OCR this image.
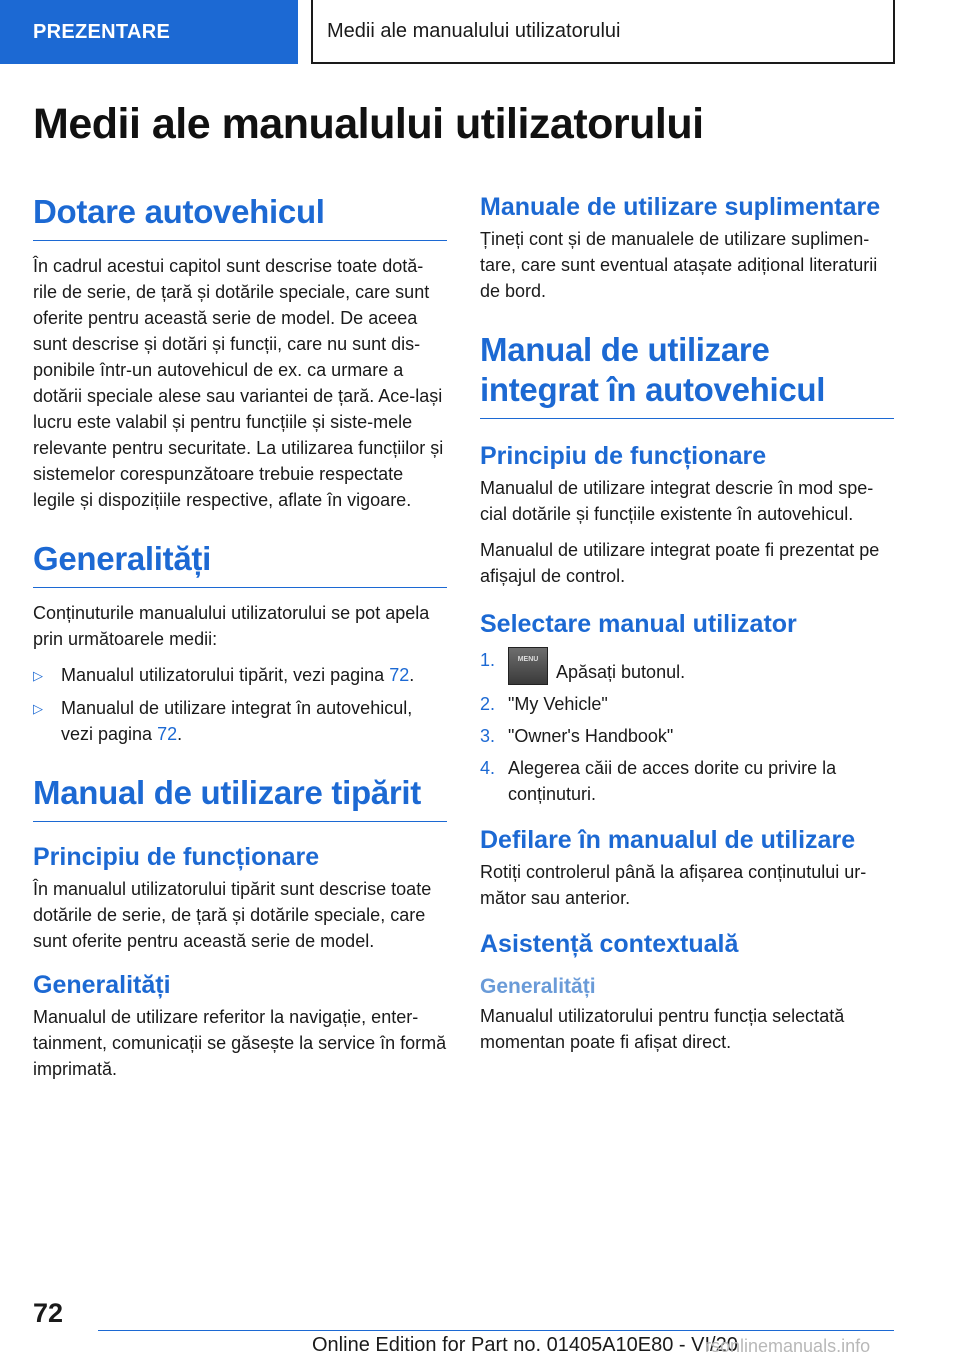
PREZENTARE	Medii ale manualului utilizatorului
Medii ale manualului utilizatorului
Dotare autovehicul

În cadrul acestui capitol sunt descrise toate dotă‐rile de serie, de țară și dotările speciale, care sunt oferite pentru această serie de model. De aceea sunt descrise și dotări și funcții, care nu sunt dis‐ponibile într-un autovehicul de ex. ca urmare a dotării speciale alese sau variantei de țară. Ace‐lași lucru este valabil și pentru funcțiile și siste‐mele relevante pentru securitate. La utilizarea funcțiilor și sistemelor corespunzătoare trebuie respectate legile și dispozițiile respective, aflate în vigoare.

Generalități

Conținuturile manualului utilizatorului se pot apela prin următoarele medii:

▷	Manualul utilizatorului tipărit, vezi pagina 72.
▷	Manualul de utilizare integrat în autovehicul, vezi pagina 72.
Manual de utilizare tipărit
Principiu de funcționare

În manualul utilizatorului tipărit sunt descrise toate dotările de serie, de țară și dotările speciale, care sunt oferite pentru această serie de model.

Generalități

Manualul de utilizare referitor la navigație, enter‐tainment, comunicații se găsește la service în formă imprimată.

Manuale de utilizare suplimentare

Țineți cont și de manualele de utilizare suplimen‐tare, care sunt eventual atașate adițional literaturii de bord.

Manual de utilizare integrat în autovehicul
Principiu de funcționare

Manualul de utilizare integrat descrie în mod spe‐cial dotările și funcțiile existente în autovehicul.

Manualul de utilizare integrat poate fi prezentat pe afișajul de control.

Selectare manual utilizator
1.	MENUApăsați butonul.
2. "My Vehicle"
3. "Owner's Handbook"
4. Alegerea căii de acces dorite cu privire la conținuturi.
Defilare în manualul de utilizare

Rotiți controlerul până la afișarea conținutului ur‐mător sau anterior.

Asistență contextuală
Generalități

Manualul utilizatorului pentru funcția selectată momentan poate fi afișat direct.

72
Online Edition for Part no. 01405A10E80 - VI/20
rsonlinemanuals.info
